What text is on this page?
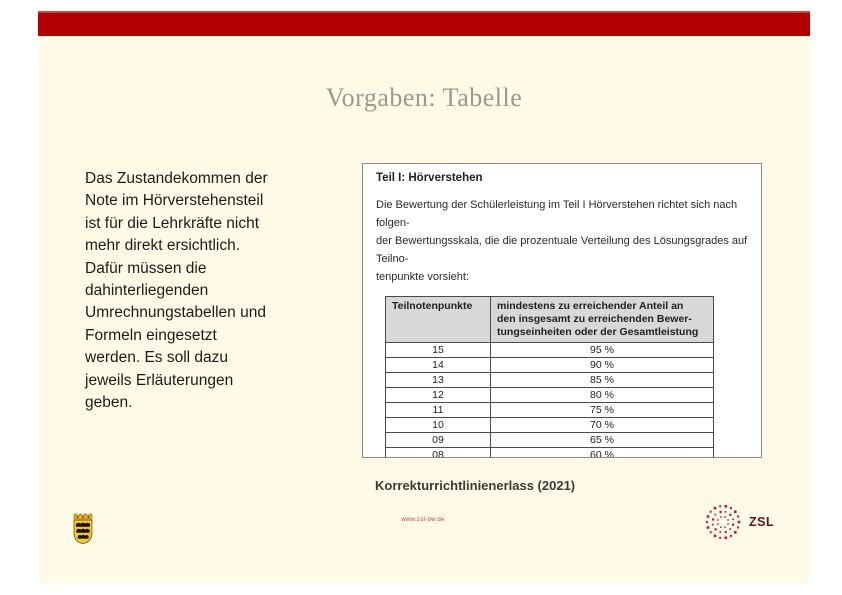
Vorgaben: Tabelle
Das Zustandekommen der
Note im Hörverstehensteil
ist für die Lehrkräfte nicht
mehr direkt ersichtlich.
Dafür müssen die
dahinterliegenden
Umrechnungstabellen und
Formeln eingesetzt
werden. Es soll dazu
jeweils Erläuterungen
geben.
Teil I: Hörverstehen
Die Bewertung der Schülerleistung im Teil I Hörverstehen richtet sich nach folgen-
der Bewertungsskala, die die prozentuale Verteilung des Lösungsgrades auf Teilno-
tenpunkte vorsieht:
Teilnotenpunkte	mindestens zu erreichender Anteil an
den insgesamt zu erreichenden Bewer-
tungseinheiten oder der Gesamtleistung

15	95 %
14	90 %
13	85 %
12	80 %
11	75 %
10	70 %
09	65 %
08	60 %

Korrekturrichtlinienerlass (2021)
www.zsl-bw.de	ZSL
